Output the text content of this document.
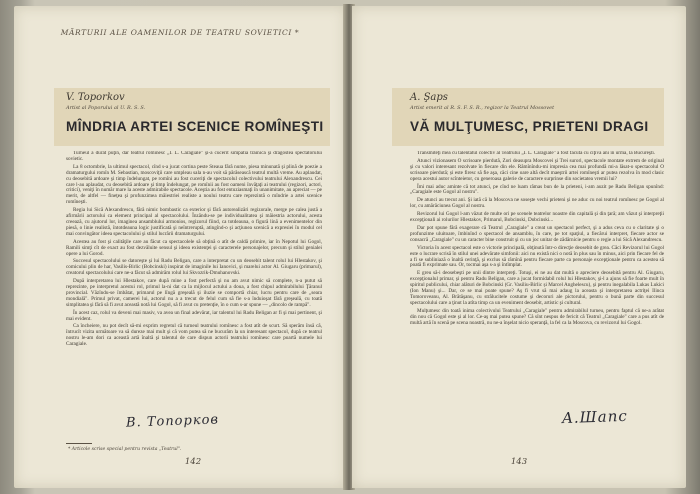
MĂRTURII ALE OAMENILOR DE TEATRU SOVIETICI *
V. Toporkov
Artist al Poporului al U. R. S. S.
MÎNDRIA ARTEI SCENICE ROMÎNEŞTI

Turneul a durat puţin, dar teatrul romînesc „I. L. Caragiale" şi-a cucerit simpatia trainică şi dragostea spectatorului sovietic.

La 8 octombrie, la ultimul spectacol, cînd s-a jucat cortina peste Steaua fără nume, piesa minunată şi plină de poezie a dramaturgului romîn M. Sebastian, moscoviţii care umpleau sala n-au voit să părăsească teatrul multă vreme. Au aplaudat, cu deosebită ardoare şi timp îndelungat, pe romîni au fost cuceriţi de spectacolul colectivului teatrului Alexandrescu. Cei care l-au aplaudat, cu deosebită ardoare şi timp îndelungat, pe romînii au fost oameni învăţaţi ai teatrului (regizori, actori, critici), veniţi în număr mare la aceste admirabile spectacole. Aceştia au fost entuziasmaţi în unanimitate, au apreciat — pe merit, de altfel — fineţea şi profunzimea măiestriei realiste a noului teatru care reprezintă o mîndrie a artei scenice romîneşti.

Regia lui Sică Alexandrescu, fără nimic bombastic ca exterior şi fără autorealizări regizorale, merge pe calea justă a afirmării actorului ca element principal al spectacolului. Înzăndu-se pe individualitatea şi măiestria actorului, acesta creează, cu ajutorul lor, imaginea ansamblului armonios, regizorul fiind, ca totdeauna, o figură lină a evenimentelor din piesă, o linie realistă, întotdeauna logic justificată şi neîntreruptă, atingînd-o şi acţiunea scenică a expresiei în modul cel mai convingător ideea spectacolului şi stilul lucrării dramaturgului.

Acestea au fost şi calităţile care au făcut ca spectacolele să obţină o atît de caldă primire, iar în Nepotul lui Gogol, Ramili simţi cît de exact au fost dezvăluite sensul şi ideea existenţei şi caracterele personajelor, precum şi stilul genialei opere a lui Gorod.

Succesul spectacolului se datoreşte şi lui Radu Beligan, care a interpretat cu un deosebit talent rolul lui Hlestakov, şi comicului plin de har, Vasilis-Birlic (Bobcinski) inspirat de imaginile lui Ianovici, şi marelui actor Al. Giugaru (primarul), creatorul spectacolului care ne-a făcut să admirăm rolul lui Skvozrik-Dmuhanovski.

După interpretarea lui Hlestakov, care după mine a fost perfectă şi nu am avut nimic să complete, n-a putut să reprezinte, pe interpretul acestui rol, primul la-ni dat ca la mijlocul actului a doua, a fost chipul admirabilului Ţăranul provincial. Văzîndu-se îmbătat, primarul pe lîngă greşeală şi iluzie se comportă chiar, lucru pentru care de „seara mondială". Primul privat, camerei lui, actorul nu a a trecut de felul cum să fie s-a înduioşat fără greşeală, cu toată simplitatea şi fără să fi avut această notă lui Gogol, să fi avut cu pretenţie, în o cum s-ar spune — „dincolo de rampă".

În acest caz, rolul va deveni mai masiv, va avea un final adevărat, iar talentul lui Radu Beligan ar fi şi mai pertinent, şi mai evident.

Ca încheiere, nu pot decît să-mi exprim regretul că turneul teatrului romînesc a fost atît de scurt. Să sperăm însă că, întrucît vizita următoare va să dureze mai mult şi că vom putea să ne bucurăm la un interesant spectacol, după ce teatrul nostru le-am dori ca această artă înaltă şi talentul de care dispun actorii teatrului romînesc care poartă numele lui Caragiale.

В. Топорков
* Articole scrise special pentru revista „Teatrul".
142
A. Şaps
Artist emerit al R. S. F. S. R., regizor la Teatrul Mossovet
VĂ MULŢUMESC, PRIETENI DRAGI

Transmiteţi mea cu talentatul colectiv al Teatrului „I. L. Caragiale" a fost făcută cu cîţiva ani în urmă, la Bucureşti.

Atunci vizionasem O scrisoare pierdută, Zori deasupra Moscovei şi Trei surori, spectacole montate extrem de original şi cu valori interesant rezolvate în fiecare din ele. Rămînîndu-mi impresia cea mai profundă mi-a lăsat-o spectacolul O scrisoare pierdută; și este firesc să fie aşa, căci cine oare altă decît maeştrii artei romîneşti ar putea rezolva în mod clasic opera acestui autor scînteietor, cu generoasa galerie de caractere surprinse din societatea vremii lui?

Îmi mai aduc aminte că tot atunci, pe cînd ne luam rămas bun de la prieteni, i-am auzit pe Radu Beligan spunînd: „Caragiale este Gogol al nostru".

De atunci au trecut ani. Şi iată că la Moscova ne soseşte vechi prieteni şi ne aduc cu noi teatrul romînesc pe Gogol al lor, cu amărăciunea Gogol al nostru.

Revizorul lui Gogol l-am văzut de multe ori pe scenele teatrelor noastre din capitală şi din ţară; am văzut şi interpreţii excepţionali ai rolurilor Hlestakov, Primarul, Bobcinski, Dobcinski...

Dar pot spune fără exagerare că Teatrul „Caragiale" a creat un spectacol perfect, şi a adus ceva cu o claritate şi o profunzime uluitoare, îmbinînd o spectacol de ansamblu, în care, pe tot spaţiul, a fiecărui interpret, fiecare actor se consacră „Caragiale" cu un caracter bine construit şi cu un joc unitar de zădărnicie pentru o regie a lui Sică Alexandrescu.

Victoria în acest spectacol este o victorie principală, obţinută într-o direcţie deosebit de grea. Căci Revizorul lui Gogol este o lucrare scrisă în stilul unei adevărate simfonii: aici nu există nici o notă în plus sau în minus, aici prin fiecare fel de a fi se subliniază o înaltă cerinţă, şi exclus să rămînă pentru fiecare parte ca personaje excepţionale pentru ca acestea să poată fi exprimate sau. Or, tocmai aşa s-a şi întîmplat.

E greu să-i deosebeşti pe unii dintre interpreţi. Totuşi, ei ne au dat multă o apreciere deosebită pentru Al. Giugaru, excepţionalul primar, şi pentru Radu Beligan, care a jucat formidabil rolul lui Hlestakov, şi-l a ajuns să fie foarte mult în spiritul publicului, chiar alături de Bobcinski (Gr. Vasiliu-Birlic și Marcel Anghelescu), şi pentru inegalabila Lukas Lukici (Ion Manu) şi... Dar, ce se mai poate spune? Aş fi vrut să mai adaug la aceasta şi interpretarea actriţei Ilinca Tomoroveanu, Al. Brătăşanu, cu strălucitele costume şi decoruri ale pictorului, pentru o bună parte din succesul spectacolului care a ţinut la atîta timp ca un eveniment deosebit, artistic şi cultural.

Mulţumesc din toată inima colectivului Teatrului „Caragiale" pentru admirabilul turneu, pentru faptul că ne-a arătat din nou că Gogol este şi al lor. Ce-aş mai putea spune? Că sînt nespus de fericit că Teatrul „Caragiale" care a pus atît de multă artă în scenă pe scena noastră, nu ne-a înşelat nicio speranţă, la fel ca la Moscova, cu revizorul lui Gogol.

A.Шапс
143
